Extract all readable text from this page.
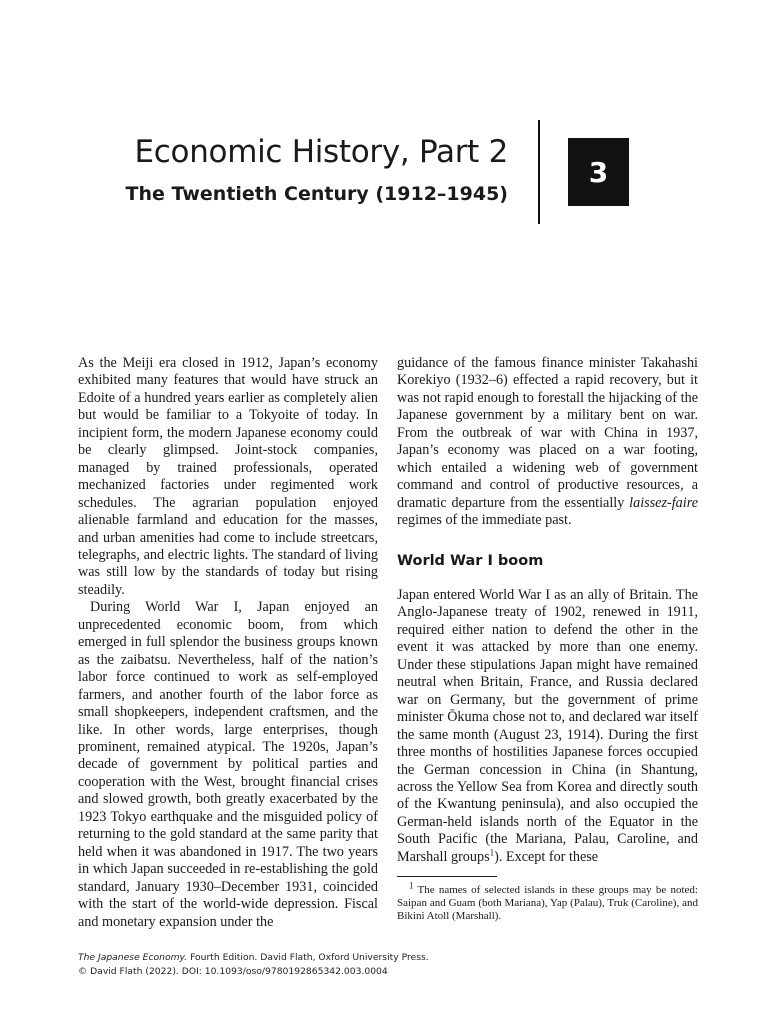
Economic History, Part 2
The Twentieth Century (1912–1945)
3

As the Meiji era closed in 1912, Japan’s economy exhibited many features that would have struck an Edoite of a hundred years earlier as completely alien but would be familiar to a Tokyoite of today. In incipient form, the modern Japanese economy could be clearly glimpsed. Joint-stock companies, managed by trained professionals, operated mechanized factories under regimented work schedules. The agrarian population enjoyed alienable farmland and education for the masses, and urban amenities had come to include streetcars, telegraphs, and electric lights. The standard of living was still low by the standards of today but rising steadily.

During World War I, Japan enjoyed an unprecedented economic boom, from which emerged in full splendor the business groups known as the zaibatsu. Nevertheless, half of the nation’s labor force continued to work as self-employed farmers, and another fourth of the labor force as small shopkeepers, independent craftsmen, and the like. In other words, large enterprises, though prominent, remained atypical. The 1920s, Japan’s decade of government by political parties and cooperation with the West, brought financial crises and slowed growth, both greatly exacerbated by the 1923 Tokyo earthquake and the misguided policy of returning to the gold standard at the same parity that held when it was abandoned in 1917. The two years in which Japan succeeded in re-establishing the gold standard, January 1930–December 1931, coincided with the start of the world-wide depression. Fiscal and monetary expansion under the

guidance of the famous finance minister Takahashi Korekiyo (1932–6) effected a rapid recovery, but it was not rapid enough to forestall the hijacking of the Japanese government by a military bent on war. From the outbreak of war with China in 1937, Japan’s economy was placed on a war footing, which entailed a widening web of government command and control of productive resources, a dramatic departure from the essentially laissez-faire regimes of the immediate past.

World War I boom

Japan entered World War I as an ally of Britain. The Anglo-Japanese treaty of 1902, renewed in 1911, required either nation to defend the other in the event it was attacked by more than one enemy. Under these stipulations Japan might have remained neutral when Britain, France, and Russia declared war on Germany, but the government of prime minister Ōkuma chose not to, and declared war itself the same month (August 23, 1914). During the first three months of hostilities Japanese forces occupied the German concession in China (in Shantung, across the Yellow Sea from Korea and directly south of the Kwantung peninsula), and also occupied the German-held islands north of the Equator in the South Pacific (the Mariana, Palau, Caroline, and Marshall groups$^1$). Except for these

$^1$ The names of selected islands in these groups may be noted: Saipan and Guam (both Mariana), Yap (Palau), Truk (Caroline), and Bikini Atoll (Marshall).

The Japanese Economy. Fourth Edition. David Flath, Oxford University Press.

© David Flath (2022). DOI: 10.1093/oso/9780192865342.003.0004
